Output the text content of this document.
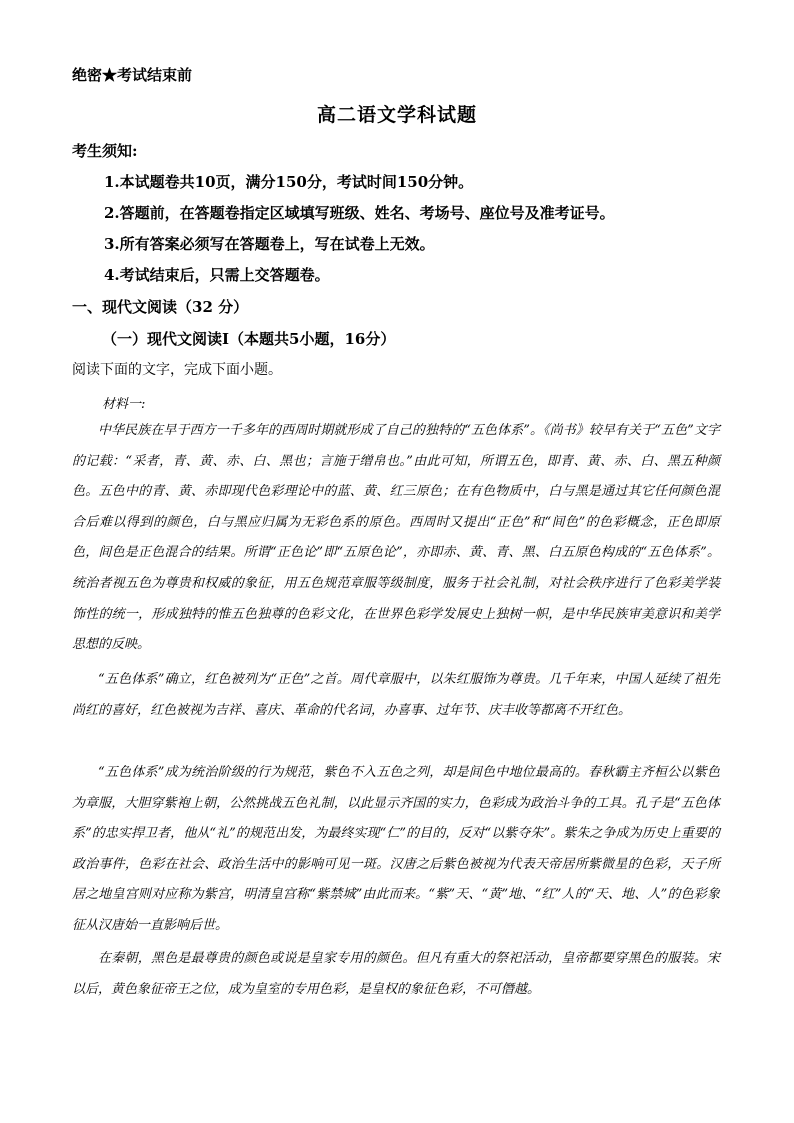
绝密★考试结束前
高二语文学科试题
考生须知:
1.本试题卷共10页，满分150分，考试时间150分钟。
2.答题前，在答题卷指定区域填写班级、姓名、考场号、座位号及准考证号。
3.所有答案必须写在答题卷上，写在试卷上无效。
4.考试结束后，只需上交答题卷。
一、现代文阅读（32 分）
（一）现代文阅读Ⅰ（本题共5小题，16分）
阅读下面的文字，完成下面小题。
材料一:

中华民族在早于西方一千多年的西周时期就形成了自己的独特的“五色体系”。《尚书》较早有关于“五色”文字的记载：“采者，青、黄、赤、白、黑也；言施于缯帛也。”由此可知，所谓五色，即青、黄、赤、白、黑五种颜色。五色中的青、黄、赤即现代色彩理论中的蓝、黄、红三原色；在有色物质中，白与黑是通过其它任何颜色混合后难以得到的颜色，白与黑应归属为无彩色系的原色。西周时又提出“正色”和“间色”的色彩概念，正色即原色，间色是正色混合的结果。所谓“正色论”即“五原色论”，亦即赤、黄、青、黑、白五原色构成的“五色体系”。统治者视五色为尊贵和权威的象征，用五色规范章服等级制度，服务于社会礼制，对社会秩序进行了色彩美学装饰性的统一，形成独特的惟五色独尊的色彩文化，在世界色彩学发展史上独树一帜，是中华民族审美意识和美学思想的反映。

“五色体系”确立，红色被列为“正色”之首。周代章服中，以朱红服饰为尊贵。几千年来，中国人延续了祖先尚红的喜好，红色被视为吉祥、喜庆、革命的代名词，办喜事、过年节、庆丰收等都离不开红色。

“五色体系”成为统治阶级的行为规范，紫色不入五色之列，却是间色中地位最高的。春秋霸主齐桓公以紫色为章服，大胆穿紫袍上朝，公然挑战五色礼制，以此显示齐国的实力，色彩成为政治斗争的工具。孔子是“五色体系”的忠实捍卫者，他从“礼”的规范出发，为最终实现“仁”的目的，反对“以紫夺朱”。紫朱之争成为历史上重要的政治事件，色彩在社会、政治生活中的影响可见一斑。汉唐之后紫色被视为代表天帝居所紫微星的色彩，天子所居之地皇宫则对应称为紫宫，明清皇宫称“紫禁城”由此而来。“紫”天、“黄”地、“红”人的“天、地、人”的色彩象征从汉唐始一直影响后世。

在秦朝，黑色是最尊贵的颜色或说是皇家专用的颜色。但凡有重大的祭祀活动，皇帝都要穿黑色的服装。宋以后，黄色象征帝王之位，成为皇室的专用色彩，是皇权的象征色彩，不可僭越。
